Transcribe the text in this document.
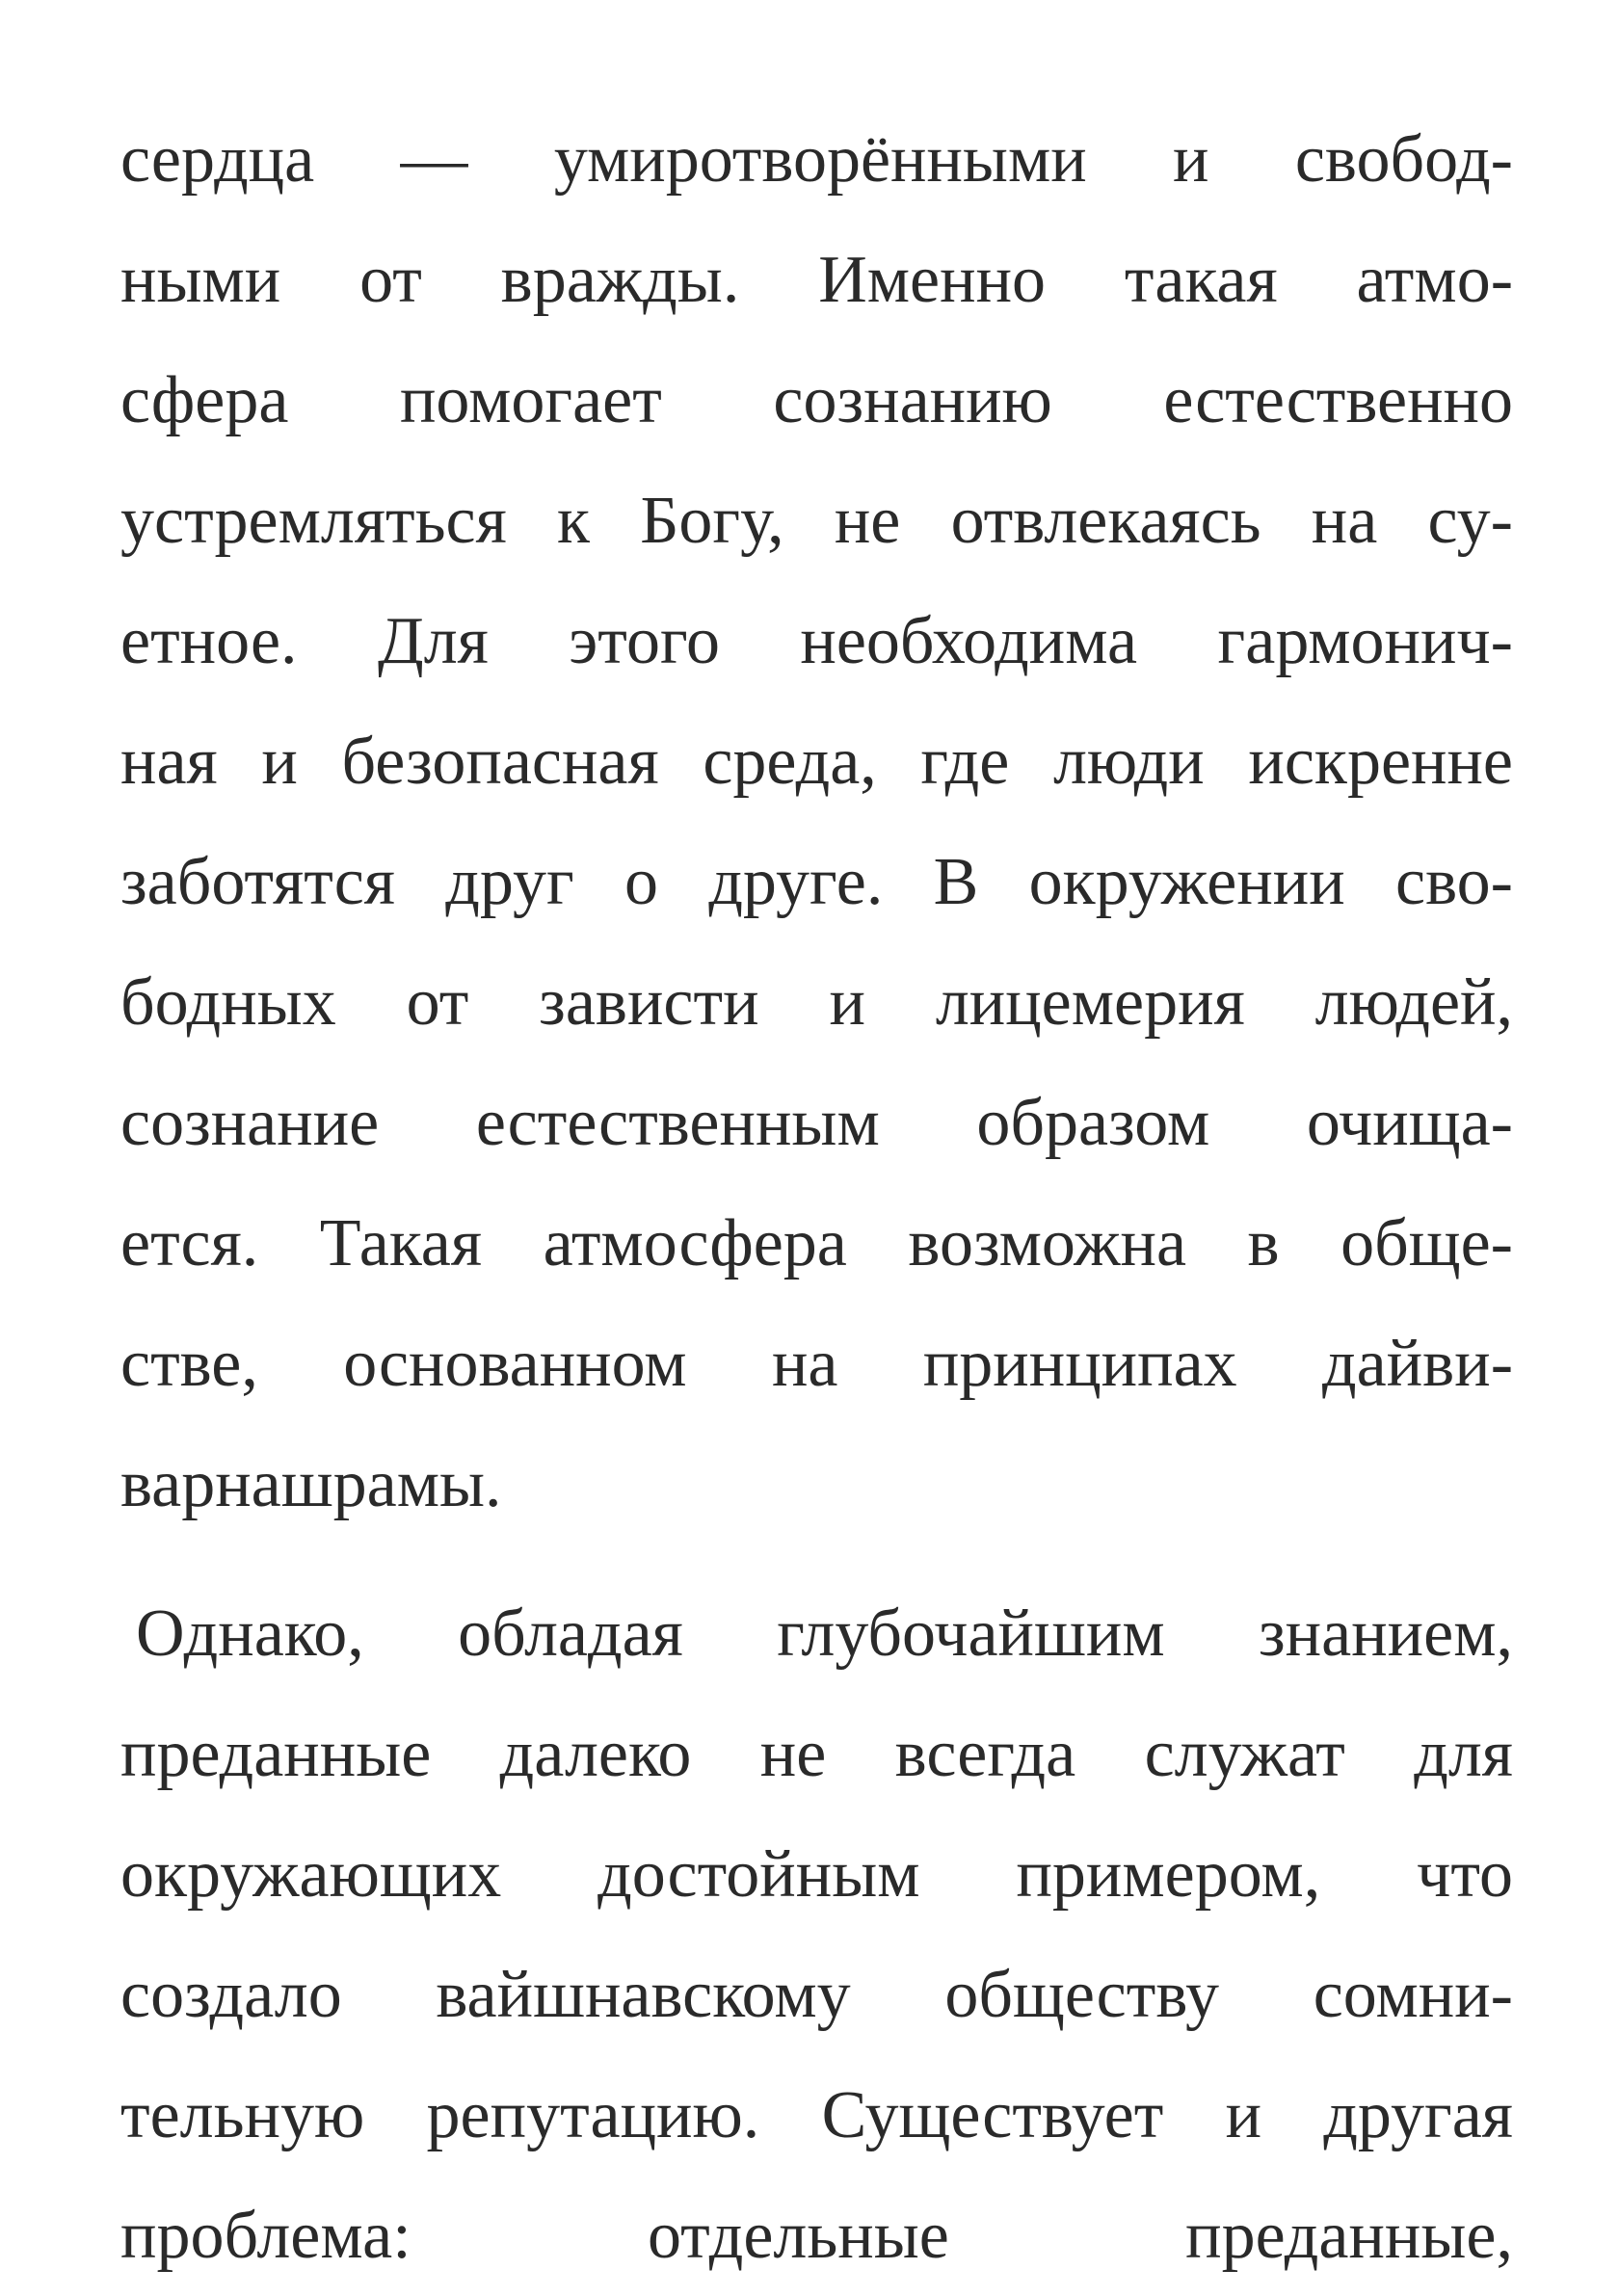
сердца — умиротворёнными и свобод-
ными от вражды. Именно такая атмо-
сфера помогает сознанию естественно
устремляться к Богу, не отвлекаясь на су-
етное. Для этого необходима гармонич-
ная и безопасная среда, где люди искренне
заботятся друг о друге. В окружении сво-
бодных от зависти и лицемерия людей,
сознание естественным образом очища-
ется. Такая атмосфера возможна в обще-
стве, основанном на принципах дайви-
варнашрамы.
Однако, обладая глубочайшим знанием,
преданные далеко не всегда служат для
окружающих достойным примером, что
создало вайшнавскому обществу сомни-
тельную репутацию. Существует и другая
проблема: отдельные преданные,
